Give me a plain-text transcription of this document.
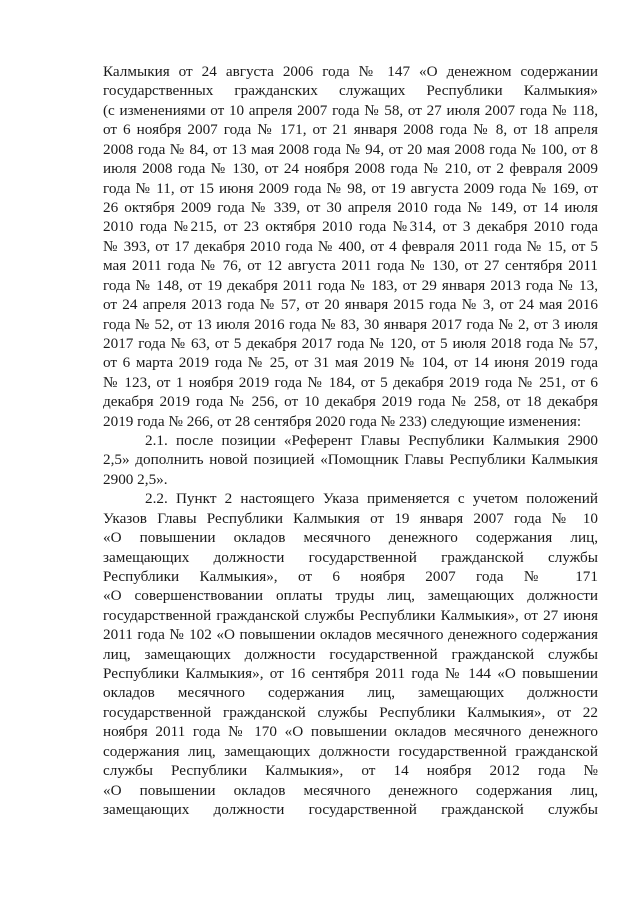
Калмыкия от 24 августа 2006 года № 147 «О денежном содержании
государственных гражданских служащих Республики Калмыкия»
(с изменениями от 10 апреля 2007 года № 58, от 27 июля 2007 года № 118,
от 6 ноября 2007 года № 171, от 21 января 2008 года № 8, от 18 апреля
2008 года № 84, от 13 мая 2008 года № 94, от 20 мая 2008 года № 100, от 8
июля 2008 года № 130, от 24 ноября 2008 года № 210, от 2 февраля 2009
года № 11, от 15 июня 2009 года № 98, от 19 августа 2009 года № 169, от
26 октября 2009 года № 339, от 30 апреля 2010 года № 149, от 14 июля
2010 года №215, от 23 октября 2010 года №314, от 3 декабря 2010 года
№ 393, от 17 декабря 2010 года № 400, от 4 февраля 2011 года № 15, от 5
мая 2011 года № 76, от 12 августа 2011 года № 130, от 27 сентября 2011
года № 148, от 19 декабря 2011 года № 183, от 29 января 2013 года № 13,
от 24 апреля 2013 года № 57, от 20 января 2015 года № 3, от 24 мая 2016
года № 52, от 13 июля 2016 года № 83, 30 января 2017 года № 2, от 3 июля
2017 года № 63, от 5 декабря 2017 года № 120, от 5 июля 2018 года № 57,
от 6 марта 2019 года № 25, от 31 мая 2019 № 104, от 14 июня 2019 года
№ 123, от 1 ноября 2019 года № 184, от 5 декабря 2019 года № 251, от 6
декабря 2019 года № 256, от 10 декабря 2019 года № 258, от 18 декабря
2019 года № 266, от 28 сентября 2020 года № 233) следующие изменения:
2.1. после позиции «Референт Главы Республики Калмыкия 2900
2,5» дополнить новой позицией «Помощник Главы Республики Калмыкия
2900 2,5».
2.2. Пункт 2 настоящего Указа применяется с учетом положений
Указов Главы Республики Калмыкия от 19 января 2007 года № 10
«О повышении окладов месячного денежного содержания лиц,
замещающих должности государственной гражданской службы
Республики Калмыкия», от 6 ноября 2007 года № 171
«О совершенствовании оплаты труды лиц, замещающих должности
государственной гражданской службы Республики Калмыкия», от 27 июня
2011 года № 102 «О повышении окладов месячного денежного содержания
лиц, замещающих должности государственной гражданской службы
Республики Калмыкия», от 16 сентября 2011 года № 144 «О повышении
окладов месячного содержания лиц, замещающих должности
государственной гражданской службы Республики Калмыкия», от 22
ноября 2011 года № 170 «О повышении окладов месячного денежного
содержания лиц, замещающих должности государственной гражданской
службы Республики Калмыкия», от 14 ноября 2012 года №
«О повышении окладов месячного денежного содержания лиц,
замещающих должности государственной гражданской службы
